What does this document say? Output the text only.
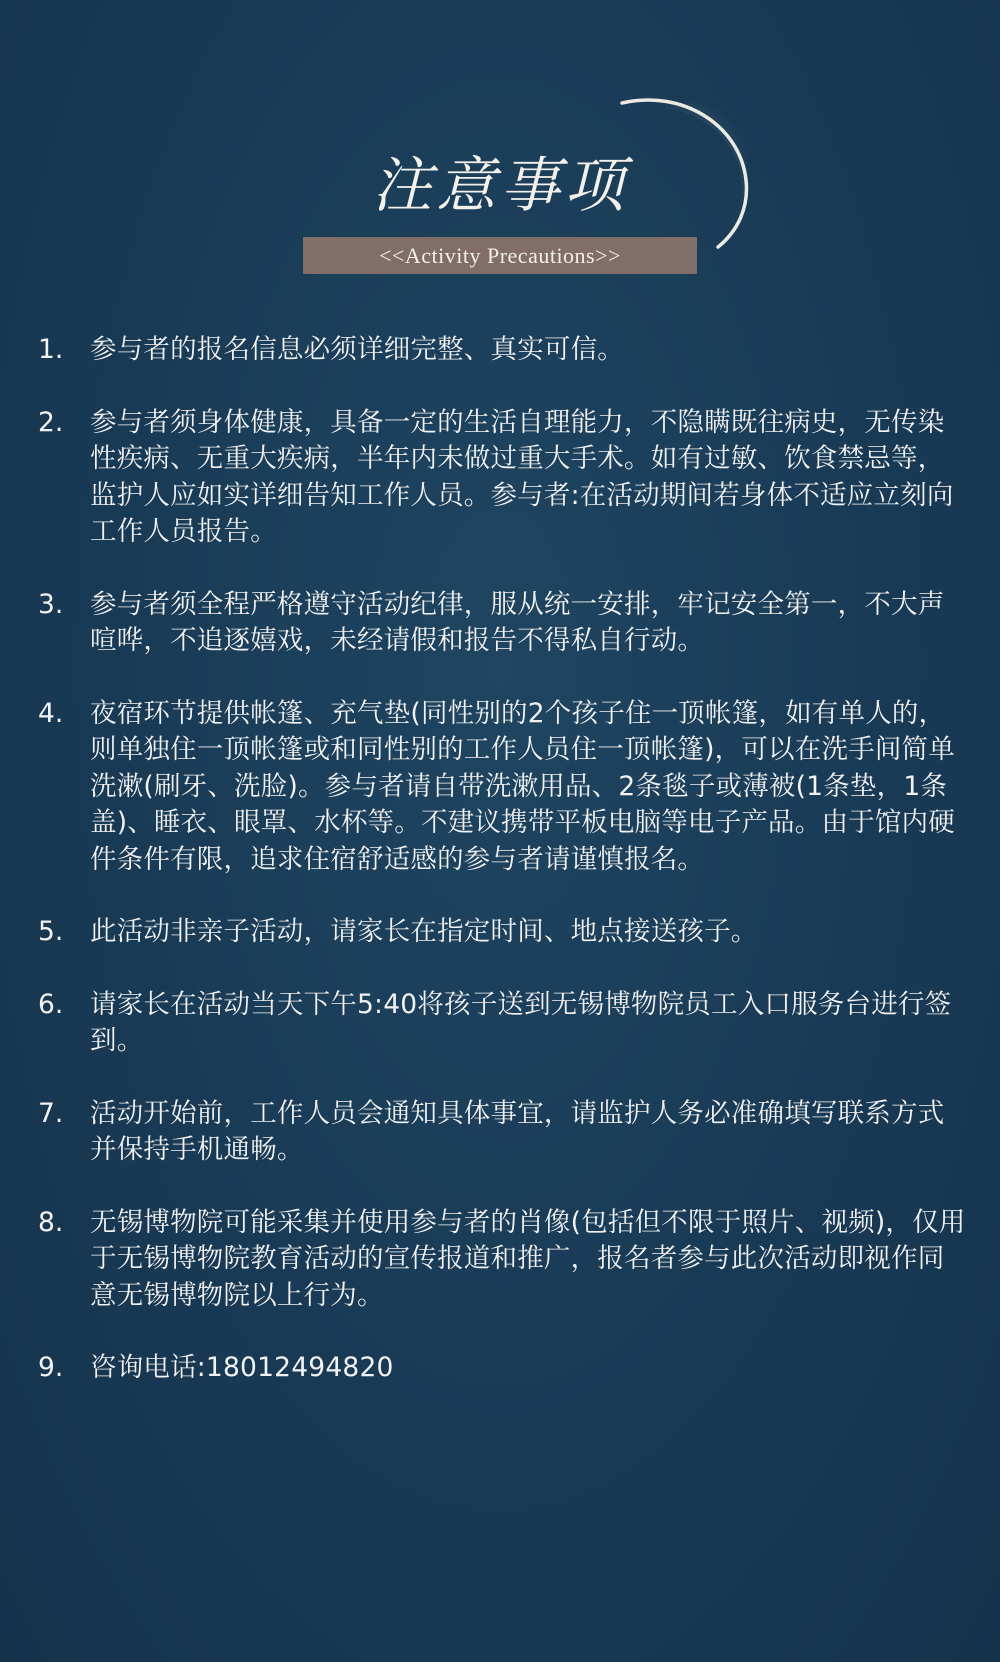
注意事项
<<Activity Precautions>>
1.	参与者的报名信息必须详细完整、真实可信。
2.	参与者须身体健康，具备一定的生活自理能力，不隐瞒既往病史，无传染性疾病、无重大疾病，半年内未做过重大手术。如有过敏、饮食禁忌等，监护人应如实详细告知工作人员。参与者:在活动期间若身体不适应立刻向工作人员报告。
3.	参与者须全程严格遵守活动纪律，服从统一安排，牢记安全第一，不大声喧哗，不追逐嬉戏，未经请假和报告不得私自行动。
4.	夜宿环节提供帐篷、充气垫(同性别的2个孩子住一顶帐篷，如有单人的，则单独住一顶帐篷或和同性别的工作人员住一顶帐篷)，可以在洗手间简单洗漱(刷牙、洗脸)。参与者请自带洗漱用品、2条毯子或薄被(1条垫，1条盖)、睡衣、眼罩、水杯等。不建议携带平板电脑等电子产品。由于馆内硬件条件有限，追求住宿舒适感的参与者请谨慎报名。
5.	此活动非亲子活动，请家长在指定时间、地点接送孩子。
6.	请家长在活动当天下午5:40将孩子送到无锡博物院员工入口服务台进行签到。
7.	活动开始前，工作人员会通知具体事宜，请监护人务必准确填写联系方式并保持手机通畅。
8.	无锡博物院可能采集并使用参与者的肖像(包括但不限于照片、视频)，仅用于无锡博物院教育活动的宣传报道和推广，报名者参与此次活动即视作同意无锡博物院以上行为。
9.	咨询电话:18012494820
